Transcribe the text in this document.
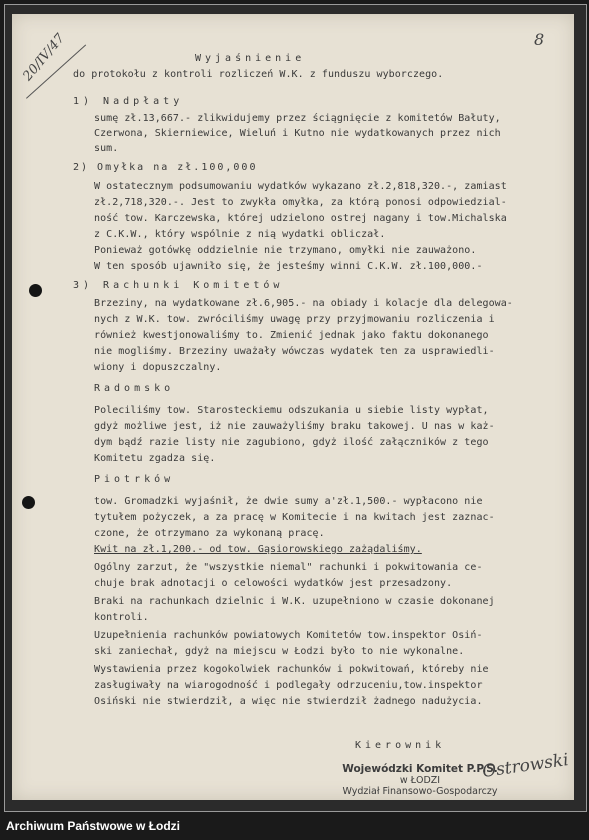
20/IV/47	8
Wyjaśnienie
do protokołu z kontroli rozliczeń W.K. z funduszu wyborczego.
1) Nadpłaty
sumę zł.13,667.- zlikwidujemy przez ściągnięcie z komitetów Bałuty,
Czerwona, Skierniewice, Wieluń i Kutno nie wydatkowanych przez nich
sum.
2) Omyłka na zł.100,000
W ostatecznym podsumowaniu wydatków wykazano zł.2,818,320.-, zamiast
zł.2,718,320.-. Jest to zwykła omyłka, za którą ponosi odpowiedzial-
ność tow. Karczewska, której udzielono ostrej nagany i tow.Michalska
z C.K.W., który wspólnie z nią wydatki obliczał.
Ponieważ gotówkę oddzielnie nie trzymano, omyłki nie zauważono.
W ten sposób ujawniło się, że jesteśmy winni C.K.W. zł.100,000.-
3) Rachunki Komitetów
Brzeziny, na wydatkowane zł.6,905.- na obiady i kolacje dla delegowa-
nych z W.K. tow. zwróciliśmy uwagę przy przyjmowaniu rozliczenia i
również kwestjonowaliśmy to. Zmienić jednak jako faktu dokonanego
nie mogliśmy. Brzeziny uważały wówczas wydatek ten za usprawiedli-
wiony i dopuszczalny.
Radomsko
Poleciliśmy tow. Starosteckiemu odszukania u siebie listy wypłat,
gdyż możliwe jest, iż nie zauważyliśmy braku takowej. U nas w każ-
dym bądź razie listy nie zagubiono, gdyż ilość załączników z tego
Komitetu zgadza się.
Piotrków
tow. Gromadzki wyjaśnił, że dwie sumy a'zł.1,500.- wypłacono nie
tytułem pożyczek, a za pracę w Komitecie i na kwitach jest zaznac-
czone, że otrzymano za wykonaną pracę.
Kwit na zł.1,200.- od tow. Gąsiorowskiego zażądaliśmy.
Ogólny zarzut, że "wszystkie niemal" rachunki i pokwitowania ce-
chuje brak adnotacji o celowości wydatków jest przesadzony.
Braki na rachunkach dzielnic i W.K. uzupełniono w czasie dokonanej
kontroli.
Uzupełnienia rachunków powiatowych Komitetów tow.inspektor Osiń-
ski zaniechał, gdyż na miejscu w Łodzi było to nie wykonalne.
Wystawienia przez kogokolwiek rachunków i pokwitowań, któreby nie
zasługiwały na wiarogodność i podlegały odrzuceniu,tow.inspektor
Osiński nie stwierdził, a więc nie stwierdził żadnego nadużycia.
Kierownik
Ostrowski
Wojewódzki Komitet P.P.S.
w ŁODZI
Wydział Finansowo-Gospodarczy
Archiwum Państwowe w Łodzi
